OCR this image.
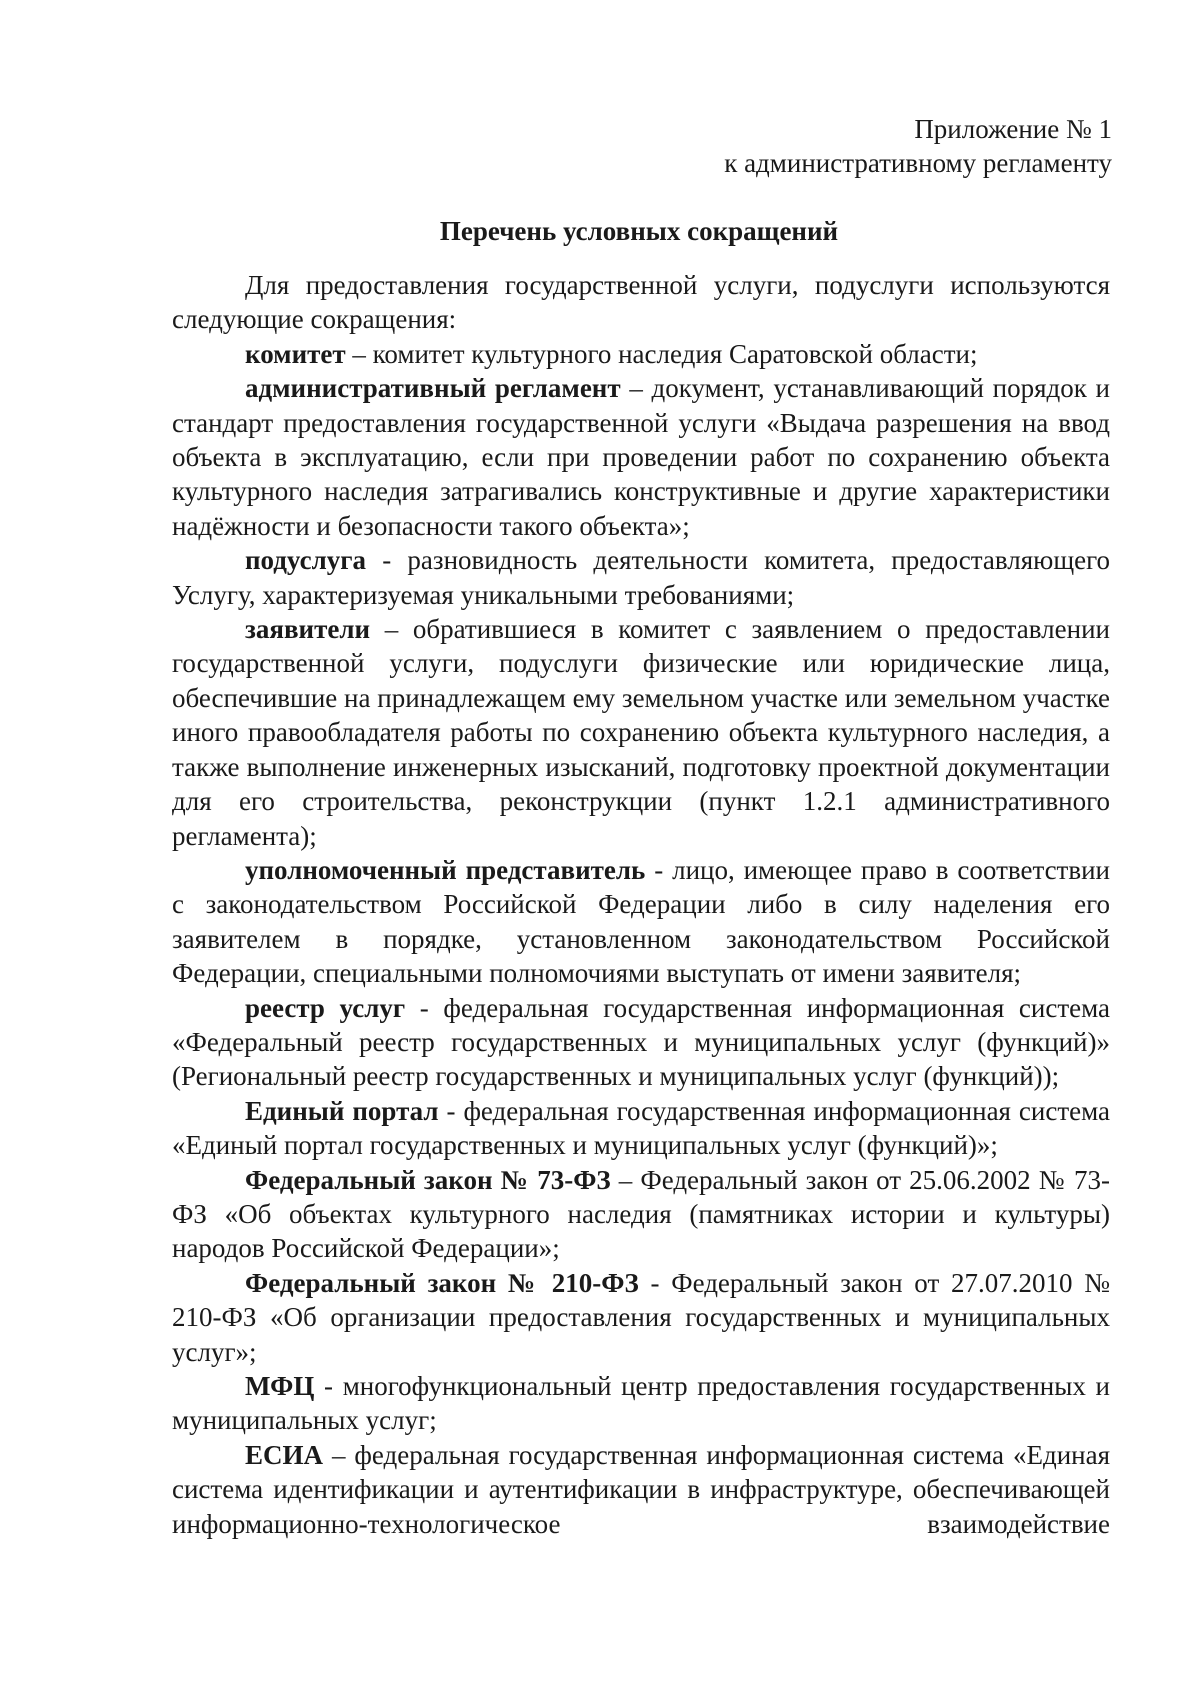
Приложение № 1
к административному регламенту
Перечень условных сокращений

Для предоставления государственной услуги, подуслуги используются следующие сокращения:

комитет – комитет культурного наследия Саратовской области;

административный регламент – документ, устанавливающий порядок и стандарт предоставления государственной услуги «Выдача разрешения на ввод объекта в эксплуатацию, если при проведении работ по сохранению объекта культурного наследия затрагивались конструктивные и другие характеристики надёжности и безопасности такого объекта»;

подуслуга - разновидность деятельности комитета, предоставляющего Услугу, характеризуемая уникальными требованиями;

заявители – обратившиеся в комитет с заявлением о предоставлении государственной услуги, подуслуги физические или юридические лица, обеспечившие на принадлежащем ему земельном участке или земельном участке иного правообладателя работы по сохранению объекта культурного наследия, а также выполнение инженерных изысканий, подготовку проектной документации для его строительства, реконструкции (пункт 1.2.1 административного регламента);

уполномоченный представитель - лицо, имеющее право в соответствии с законодательством Российской Федерации либо в силу наделения его заявителем в порядке, установленном законодательством Российской Федерации, специальными полномочиями выступать от имени заявителя;

реестр услуг - федеральная государственная информационная система «Федеральный реестр государственных и муниципальных услуг (функций)» (Региональный реестр государственных и муниципальных услуг (функций));

Единый портал - федеральная государственная информационная система «Единый портал государственных и муниципальных услуг (функций)»;

Федеральный закон № 73-ФЗ – Федеральный закон от 25.06.2002 № 73-ФЗ «Об объектах культурного наследия (памятниках истории и культуры) народов Российской Федерации»;

Федеральный закон № 210-ФЗ - Федеральный закон от 27.07.2010 № 210-ФЗ «Об организации предоставления государственных и муниципальных услуг»;

МФЦ - многофункциональный центр предоставления государственных и муниципальных услуг;

ЕСИА – федеральная государственная информационная система «Единая система идентификации и аутентификации в инфраструктуре, обеспечивающей информационно-технологическое взаимодействие
